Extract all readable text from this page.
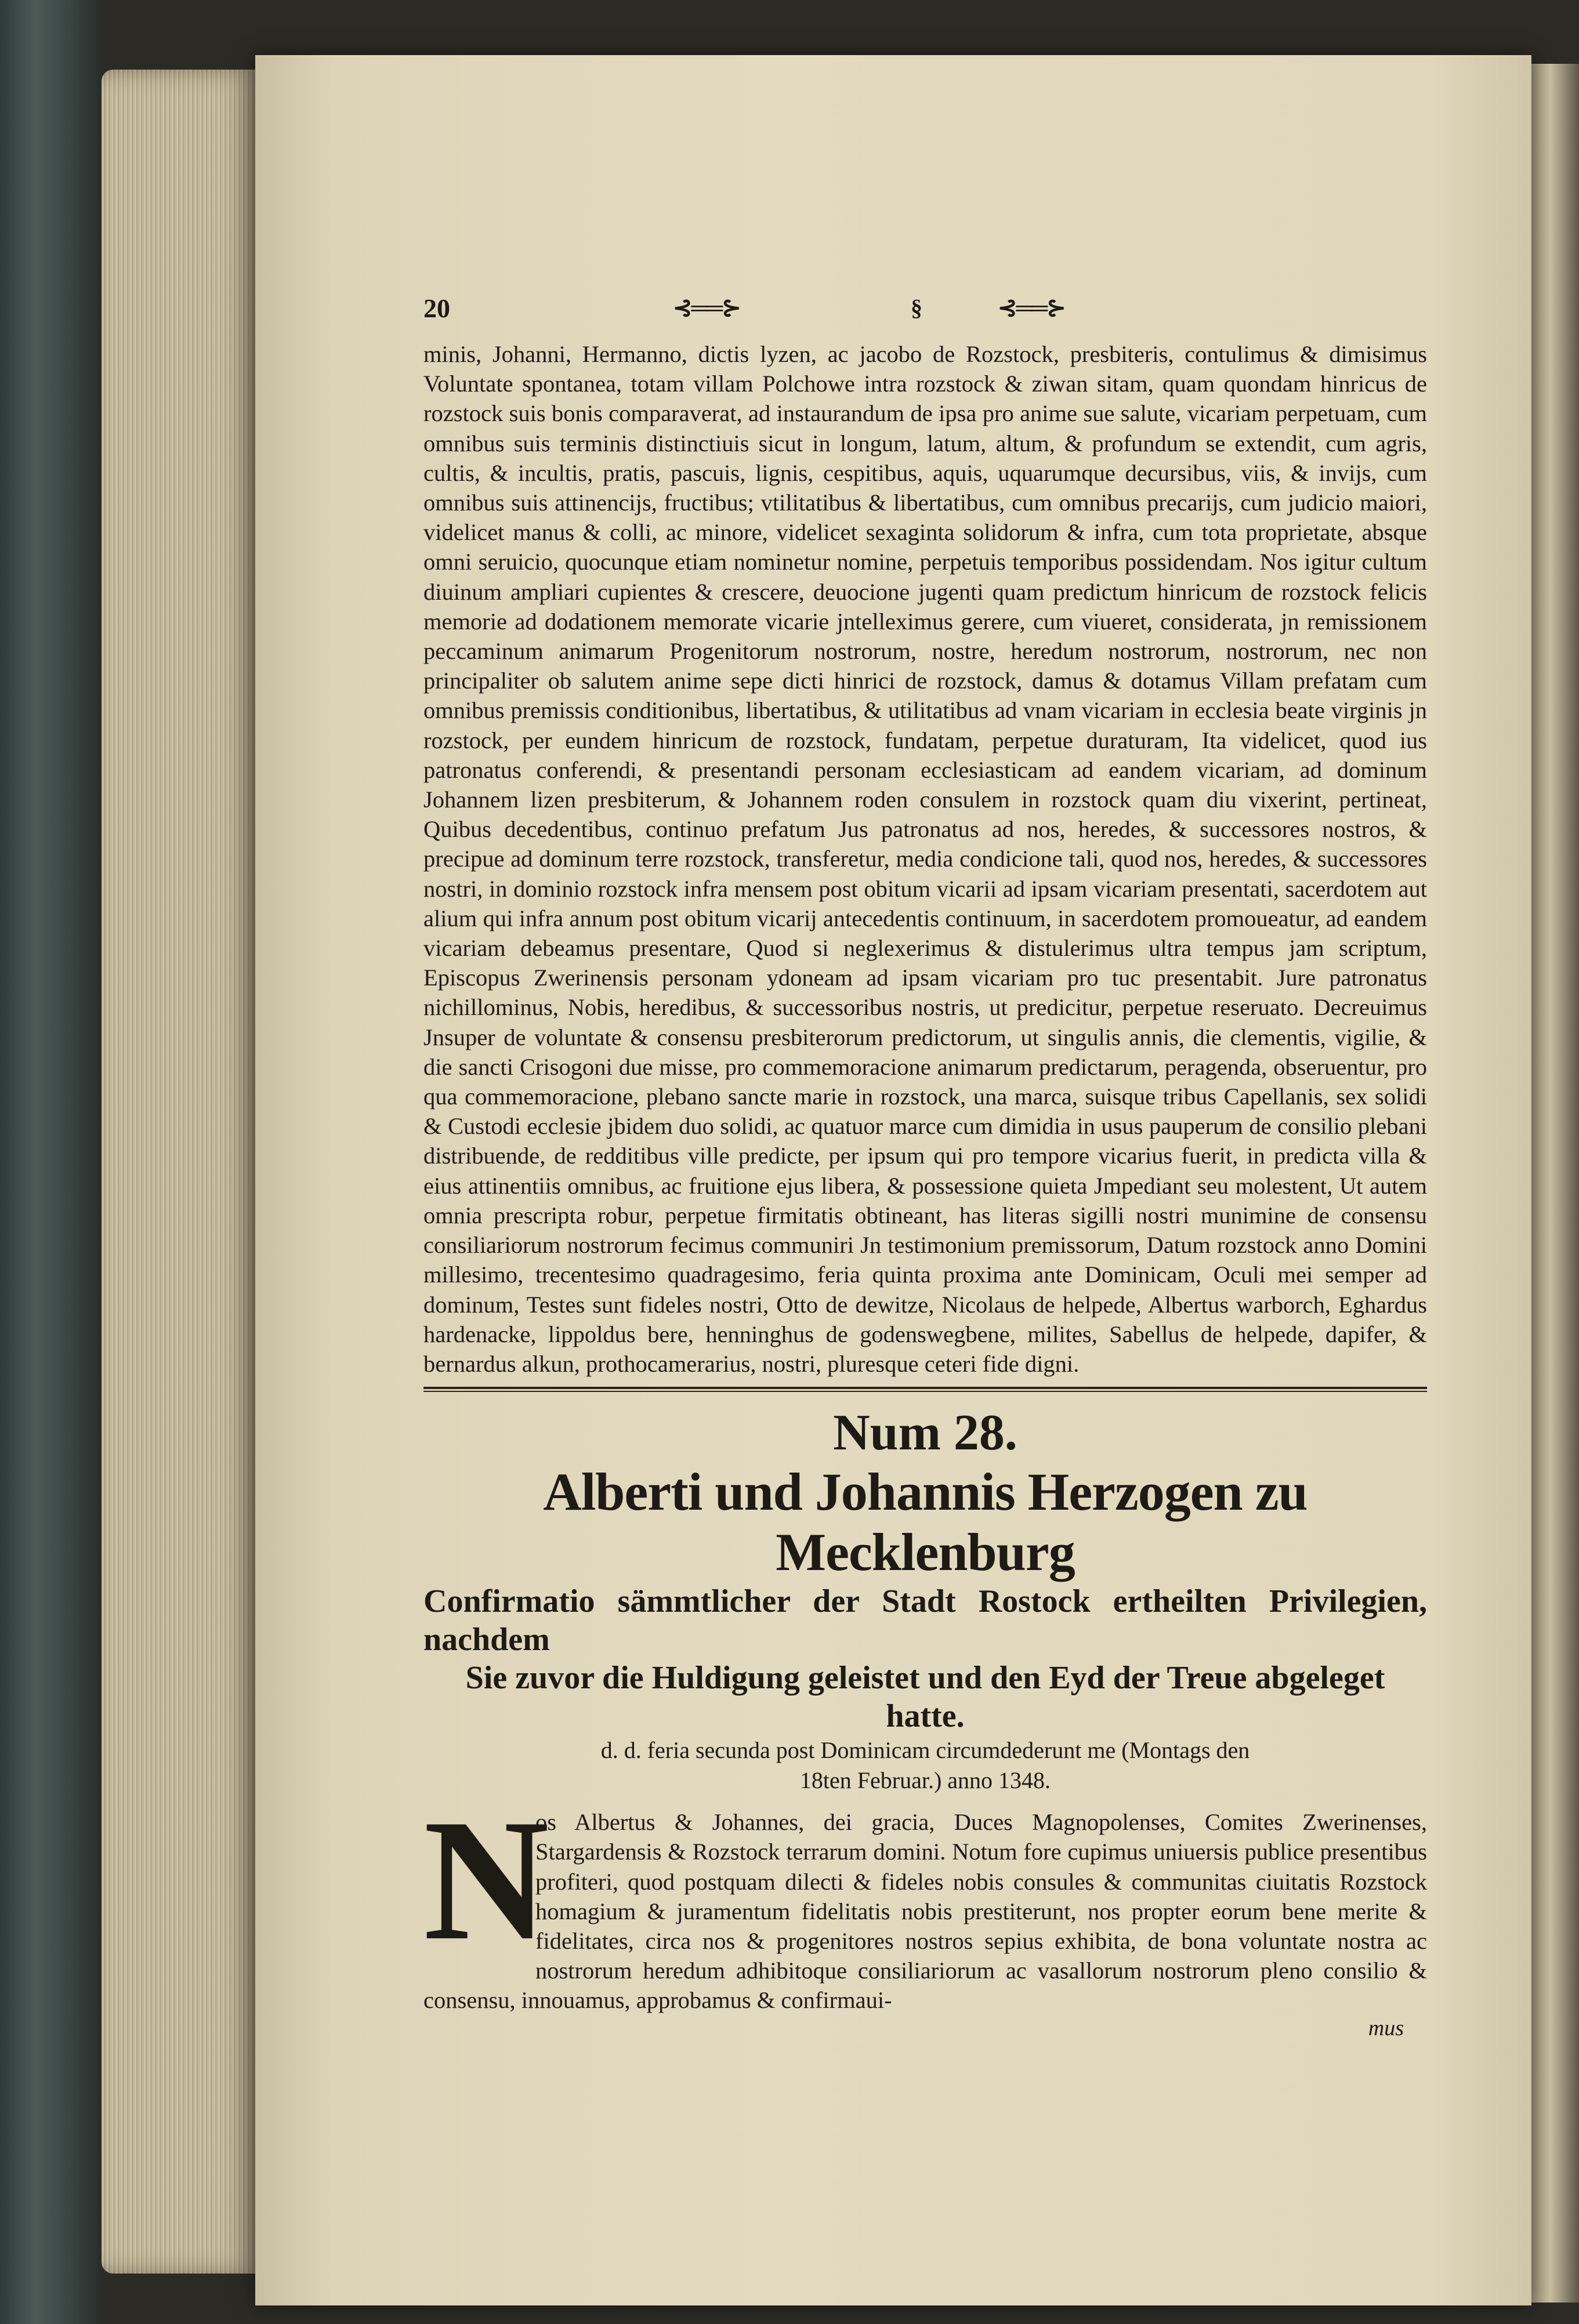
20	⊰══⊱	§	⊰══⊱

minis, Johanni, Hermanno, dictis lyzen, ac jacobo de Rozstock, presbiteris, contulimus & dimisimus Voluntate spontanea, totam villam Polchowe intra rozstock & ziwan sitam, quam quondam hinricus de rozstock suis bonis comparaverat, ad instaurandum de ipsa pro anime sue salute, vicariam perpetuam, cum omnibus suis terminis distinctiuis sicut in longum, latum, altum, & profundum se extendit, cum agris, cultis, & incultis, pratis, pascuis, lignis, cespitibus, aquis, uquarumque decursibus, viis, & invijs, cum omnibus suis attinencijs, fructibus; vtilitatibus & libertatibus, cum omnibus precarijs, cum judicio maiori, videlicet manus & colli, ac minore, videlicet sexaginta solidorum & infra, cum tota proprietate, absque omni seruicio, quocunque etiam nominetur nomine, perpetuis temporibus possidendam. Nos igitur cultum diuinum ampliari cupientes & crescere, deuocione jugenti quam predictum hinricum de rozstock felicis memorie ad dodationem memorate vicarie jntelleximus gerere, cum viueret, considerata, jn remissionem peccaminum animarum Progenitorum nostrorum, nostre, heredum nostrorum, nostrorum, nec non principaliter ob salutem anime sepe dicti hinrici de rozstock, damus & dotamus Villam prefatam cum omnibus premissis conditionibus, libertatibus, & utilitatibus ad vnam vicariam in ecclesia beate virginis jn rozstock, per eundem hinricum de rozstock, fundatam, perpetue duraturam, Ita videlicet, quod ius patronatus conferendi, & presentandi personam ecclesiasticam ad eandem vicariam, ad dominum Johannem lizen presbiterum, & Johannem roden consulem in rozstock quam diu vixerint, pertineat, Quibus decedentibus, continuo prefatum Jus patronatus ad nos, heredes, & successores nostros, & precipue ad dominum terre rozstock, transferetur, media condicione tali, quod nos, heredes, & successores nostri, in dominio rozstock infra mensem post obitum vicarii ad ipsam vicariam presentati, sacerdotem aut alium qui infra annum post obitum vicarij antecedentis continuum, in sacerdotem promoueatur, ad eandem vicariam debeamus presentare, Quod si neglexerimus & distulerimus ultra tempus jam scriptum, Episcopus Zwerinensis personam ydoneam ad ipsam vicariam pro tuc presentabit. Jure patronatus nichillominus, Nobis, heredibus, & successoribus nostris, ut predicitur, perpetue reseruato. Decreuimus Jnsuper de voluntate & consensu presbiterorum predictorum, ut singulis annis, die clementis, vigilie, & die sancti Crisogoni due misse, pro commemoracione animarum predictarum, peragenda, obseruentur, pro qua commemoracione, plebano sancte marie in rozstock, una marca, suisque tribus Capellanis, sex solidi & Custodi ecclesie jbidem duo solidi, ac quatuor marce cum dimidia in usus pauperum de consilio plebani distribuende, de redditibus ville predicte, per ipsum qui pro tempore vicarius fuerit, in predicta villa & eius attinentiis omnibus, ac fruitione ejus libera, & possessione quieta Jmpediant seu molestent, Ut autem omnia prescripta robur, perpetue firmitatis obtineant, has literas sigilli nostri munimine de consensu consiliariorum nostrorum fecimus communiri Jn testimonium premissorum, Datum rozstock anno Domini millesimo, trecentesimo quadragesimo, feria quinta proxima ante Dominicam, Oculi mei semper ad dominum, Testes sunt fideles nostri, Otto de dewitze, Nicolaus de helpede, Albertus warborch, Eghardus hardenacke, lippoldus bere, henninghus de godenswegbene, milites, Sabellus de helpede, dapifer, & bernardus alkun, prothocamerarius, nostri, pluresque ceteri fide digni.

Num 28.
Alberti und Johannis Herzogen zu Mecklenburg
Confirmatio sämmtlicher der Stadt Rostock ertheilten Privilegien, nachdem
Sie zuvor die Huldigung geleistet und den Eyd der Treue abgeleget hatte.
d. d. feria secunda post Dominicam circumdederunt me (Montags den
18ten Februar.) anno 1348.
N

os Albertus & Johannes, dei gracia, Duces Magnopolenses, Comites Zwerinenses, Stargardensis & Rozstock terrarum domini. Notum fore cupimus uniuersis publice presentibus profiteri, quod postquam dilecti & fideles nobis consules & communitas ciuitatis Rozstock homagium & juramentum fidelitatis nobis prestiterunt, nos propter eorum bene merite & fidelitates, circa nos & progenitores nostros sepius exhibita, de bona voluntate nostra ac nostrorum heredum adhibitoque consiliariorum ac vasallorum nostrorum pleno consilio & consensu, innouamus, approbamus & confirmaui-

mus
